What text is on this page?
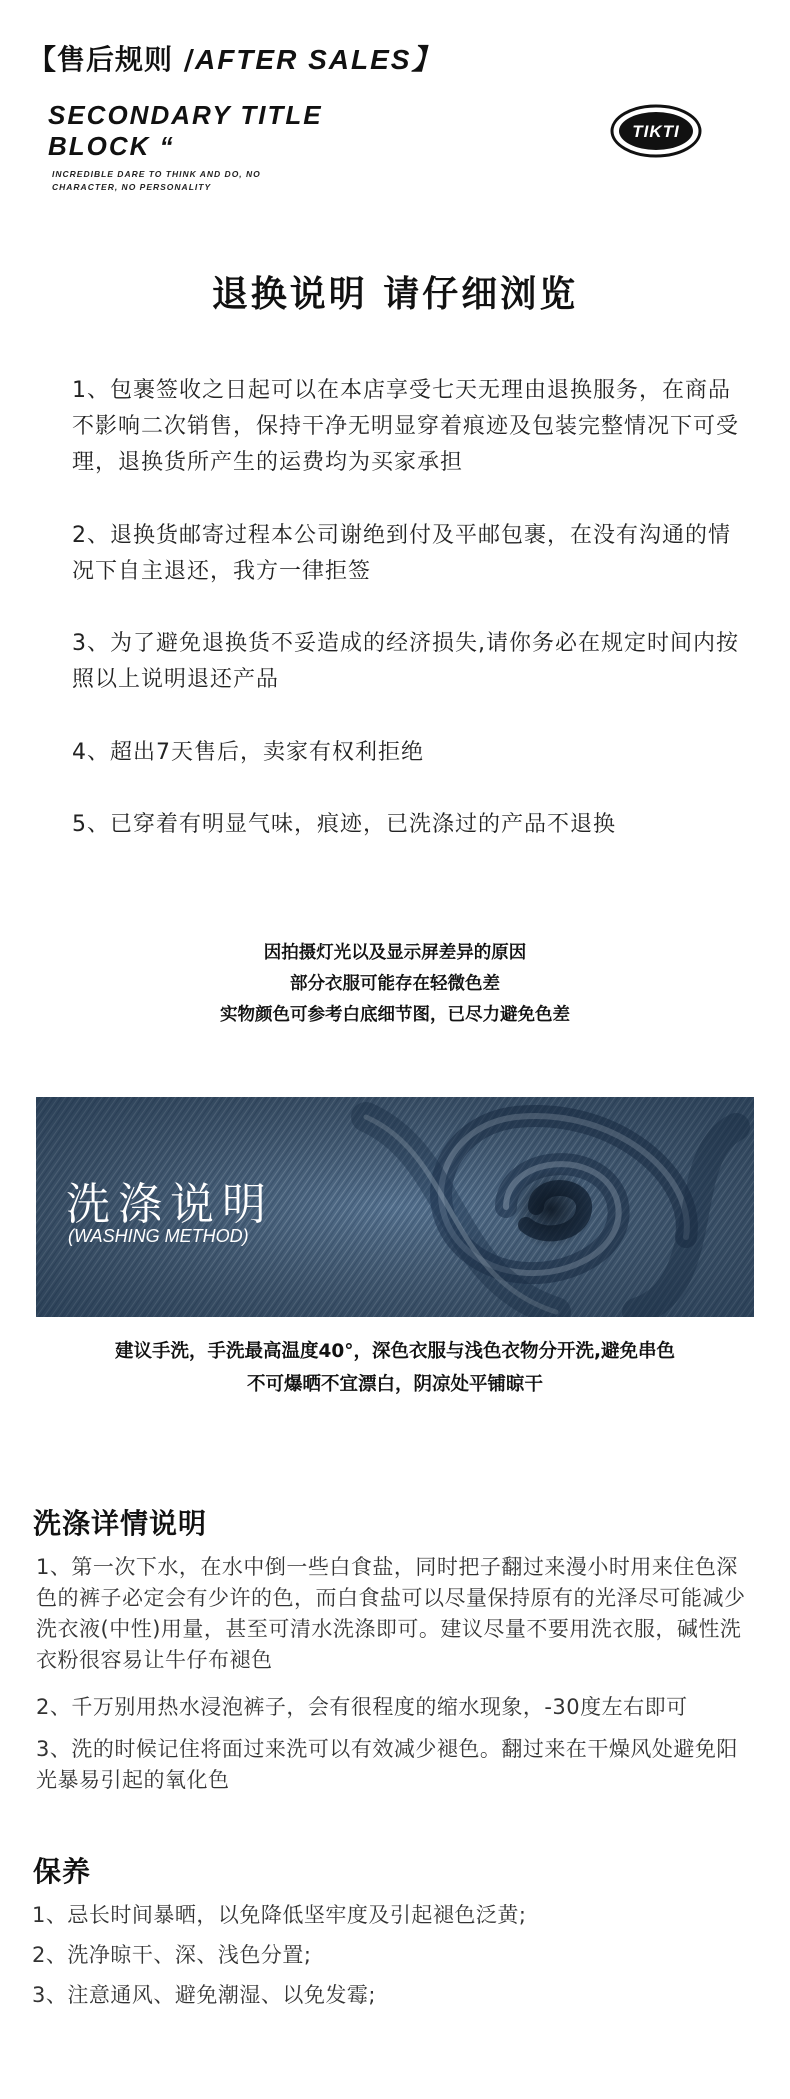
【售后规则 /AFTER SALES】
SECONDARY TITLE
BLOCK “
INCREDIBLE DARE TO THINK AND DO, NO
CHARACTER, NO PERSONALITY
TIKTI
退换说明 请仔细浏览
1、包裹签收之日起可以在本店享受七天无理由退换服务，在商品不影响二次销售，保持干净无明显穿着痕迹及包装完整情况下可受理，退换货所产生的运费均为买家承担
2、退换货邮寄过程本公司谢绝到付及平邮包裹，在没有沟通的情况下自主退还，我方一律拒签
3、为了避免退换货不妥造成的经济损失,请你务必在规定时间内按照以上说明退还产品
4、超出7天售后，卖家有权利拒绝
5、已穿着有明显气味，痕迹，已洗涤过的产品不退换
因拍摄灯光以及显示屏差异的原因
部分衣服可能存在轻微色差
实物颜色可参考白底细节图，已尽力避免色差
洗涤说明
(WASHING METHOD)
建议手洗，手洗最高温度40°，深色衣服与浅色衣物分开洗,避免串色
不可爆晒不宜漂白，阴凉处平铺晾干
洗涤详情说明
1、第一次下水，在水中倒一些白食盐，同时把子翻过来漫小时用来住色深色的裤子必定会有少许的色，而白食盐可以尽量保持原有的光泽尽可能减少洗衣液(中性)用量，甚至可清水洗涤即可。建议尽量不要用洗衣服，碱性洗衣粉很容易让牛仔布褪色
2、千万别用热水浸泡裤子，会有很程度的缩水现象，-30度左右即可
3、洗的时候记住将面过来洗可以有效减少褪色。翻过来在干燥风处避免阳光暴易引起的氧化色
保养
1、忌长时间暴晒，以免降低坚牢度及引起褪色泛黄;
2、洗净晾干、深、浅色分置;
3、注意通风、避免潮湿、以免发霉;
